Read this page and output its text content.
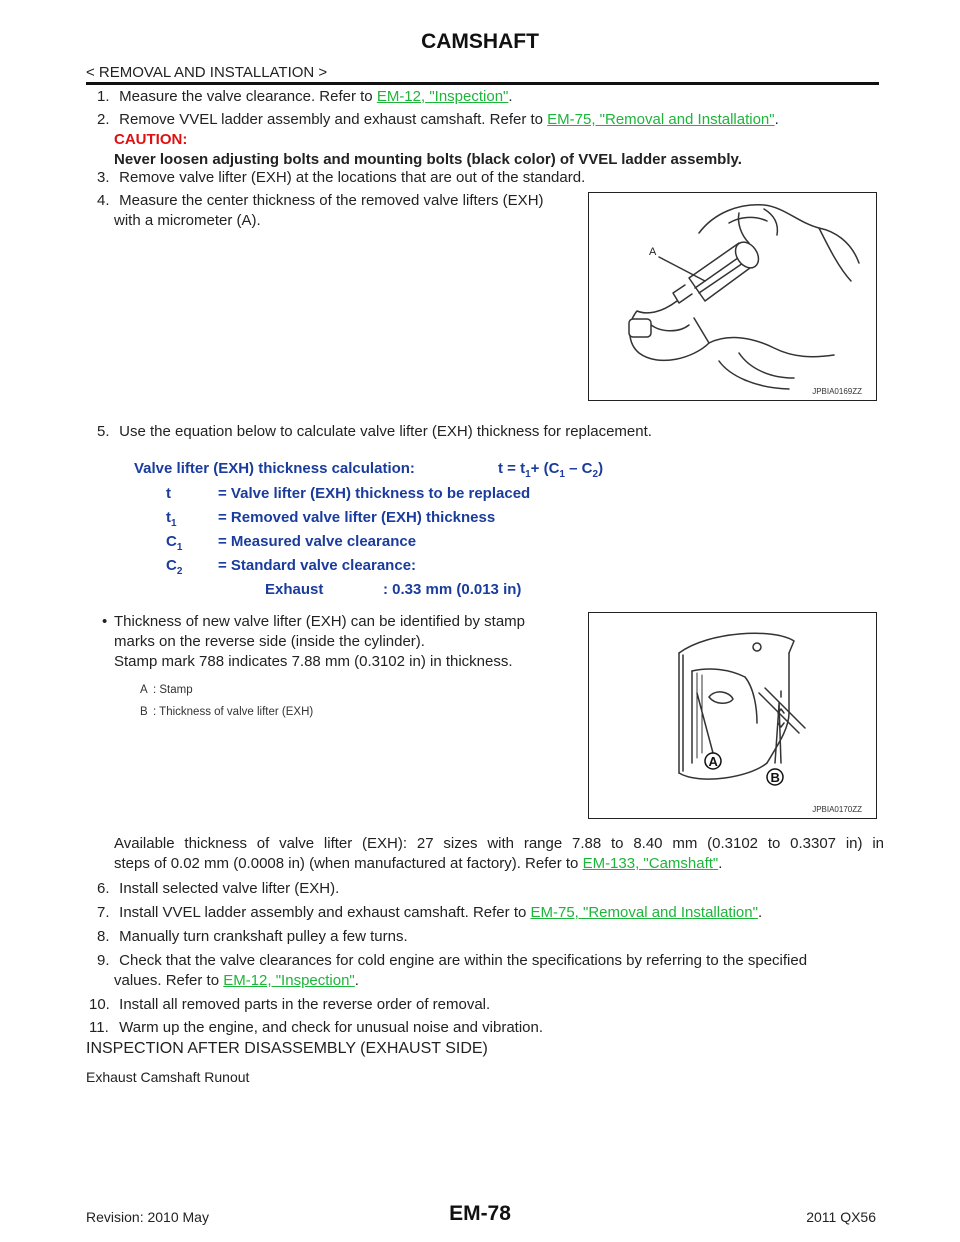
CAMSHAFT
< REMOVAL AND INSTALLATION >
1. Measure the valve clearance. Refer to EM-12, "Inspection".
2. Remove VVEL ladder assembly and exhaust camshaft. Refer to EM-75, "Removal and Installation".
CAUTION:
Never loosen adjusting bolts and mounting bolts (black color) of VVEL ladder assembly.
3. Remove valve lifter (EXH) at the locations that are out of the standard.
4. Measure the center thickness of the removed valve lifters (EXH)
with a micrometer (A).
A
JPBIA0169ZZ
5. Use the equation below to calculate valve lifter (EXH) thickness for replacement.
Valve lifter (EXH) thickness calculation:	$t = t_1+ (C_1 - C_2)$
t	= Valve lifter (EXH) thickness to be replaced
$t_1$	= Removed valve lifter (EXH) thickness
$C_1$ = Measured valve clearance
$C_2$ = Standard valve clearance:
Exhaust	: 0.33 mm (0.013 in)
• Thickness of new valve lifter (EXH) can be identified by stamp
marks on the reverse side (inside the cylinder).
Stamp mark 788 indicates 7.88 mm (0.3102 in) in thickness.
A : Stamp
B : Thickness of valve lifter (EXH)
A
B
JPBIA0170ZZ
Available thickness of valve lifter (EXH): 27 sizes with range 7.88 to 8.40 mm (0.3102 to 0.3307 in) in
steps of 0.02 mm (0.0008 in) (when manufactured at factory). Refer to EM-133, "Camshaft".
6. Install selected valve lifter (EXH).
7. Install VVEL ladder assembly and exhaust camshaft. Refer to EM-75, "Removal and Installation".
8. Manually turn crankshaft pulley a few turns.
9. Check that the valve clearances for cold engine are within the specifications by referring to the specified
values. Refer to EM-12, "Inspection".
10. Install all removed parts in the reverse order of removal.
11. Warm up the engine, and check for unusual noise and vibration.
INSPECTION AFTER DISASSEMBLY (EXHAUST SIDE)
Exhaust Camshaft Runout
Revision: 2010 May	EM-78	2011 QX56
